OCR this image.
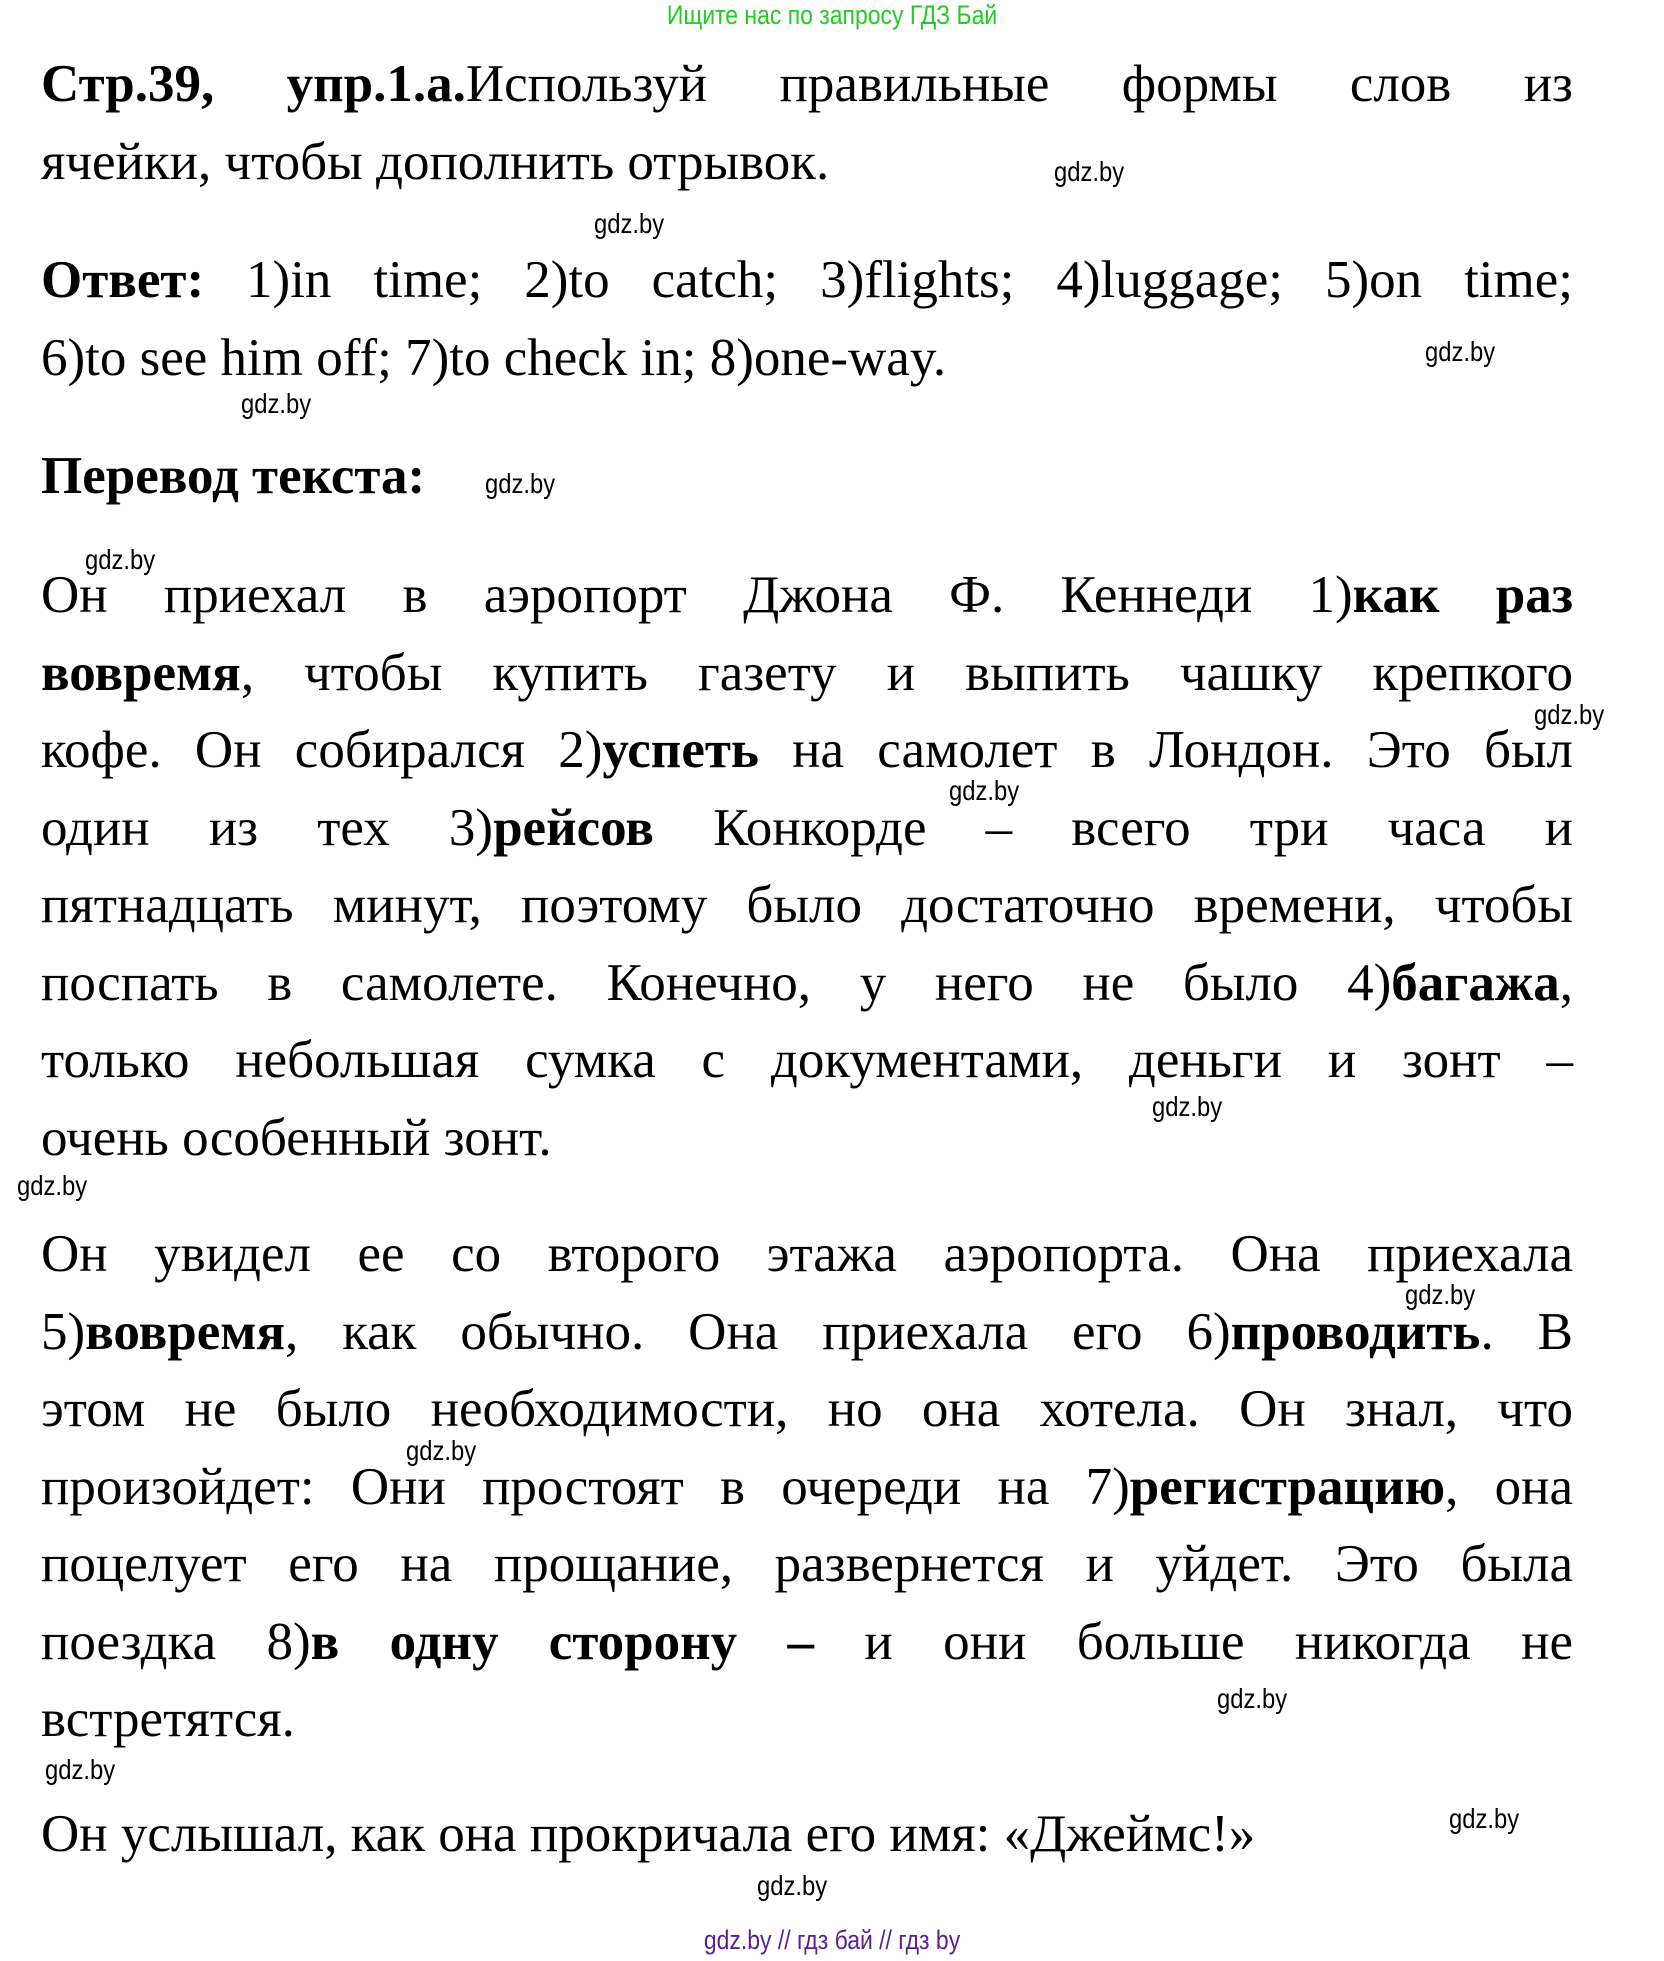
Ищите нас по запросу ГДЗ Бай
Стр.39, упр.1.а.Используй правильные формы слов из
ячейки, чтобы дополнить отрывок.
Ответ: 1)in time; 2)to catch; 3)flights; 4)luggage; 5)on time;
6)to see him off; 7)to check in; 8)one-way.
Перевод текста:
Он приехал в аэропорт Джона Ф. Кеннеди 1)как раз
вовремя, чтобы купить газету и выпить чашку крепкого
кофе. Он собирался 2)успеть на самолет в Лондон. Это был
один из тех 3)рейсов Конкорде – всего три часа и
пятнадцать минут, поэтому было достаточно времени, чтобы
поспать в самолете. Конечно, у него не было 4)багажа,
только небольшая сумка с документами, деньги и зонт –
очень особенный зонт.
Он увидел ее со второго этажа аэропорта. Она приехала
5)вовремя, как обычно. Она приехала его 6)проводить. В
этом не было необходимости, но она хотела. Он знал, что
произойдет: Они простоят в очереди на 7)регистрацию, она
поцелует его на прощание, развернется и уйдет. Это была
поездка 8)в одну сторону – и они больше никогда не
встретятся.
Он услышал, как она прокричала его имя: «Джеймс!»
gdz.by
gdz.by
gdz.by
gdz.by
gdz.by
gdz.by
gdz.by
gdz.by
gdz.by
gdz.by
gdz.by
gdz.by
gdz.by
gdz.by
gdz.by
gdz.by
gdz.by // гдз бай // гдз by
